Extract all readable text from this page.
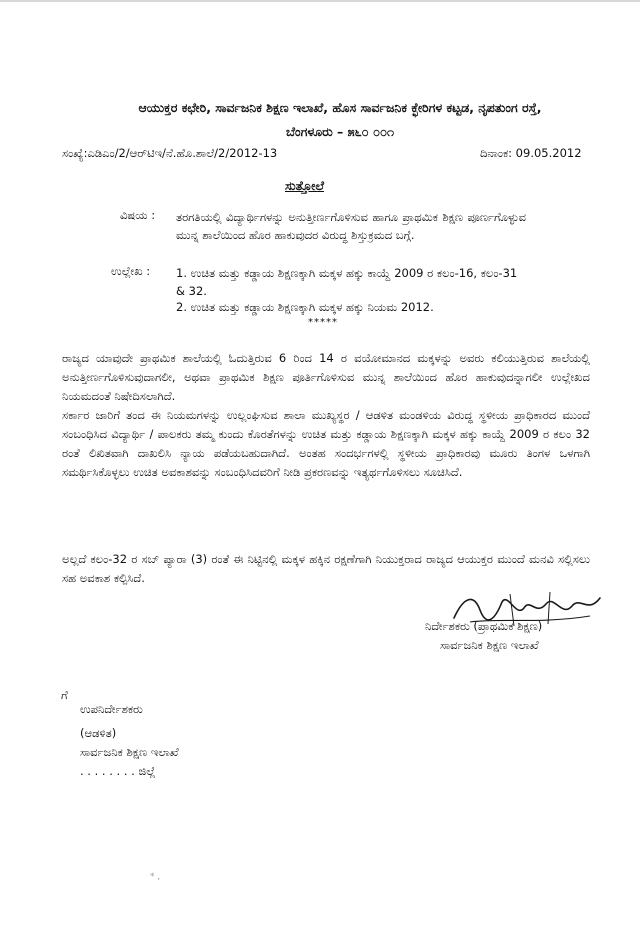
ಆಯುಕ್ತರ ಕಛೇರಿ, ಸಾರ್ವಜನಿಕ ಶಿಕ್ಷಣ ಇಲಾಖೆ, ಹೊಸ ಸಾರ್ವಜನಿಕ ಕ್ಛೇರಿಗಳ ಕಟ್ಟಡ, ನೃಪತುಂಗ ರಸ್ತೆ,
ಬೆಂಗಳೂರು – ೫೬೦ ೦೦೧
ಸಂಖ್ಯೆ:ಎಡಿಎಂ/2/ಆರ್‌ಟಿಇ/ನೆ.ಹೊ.ಶಾಲೆ/2/2012-13	ದಿನಾಂಕ: 09.05.2012
ಸುತ್ತೋಲೆ
ವಿಷಯ : ತರಗತಿಯಲ್ಲಿ ವಿದ್ಯಾರ್ಥಿಗಳನ್ನು ಅನುತ್ತೀರ್ಣಗೊಳಿಸುವ ಹಾಗೂ ಪ್ರಾಥಮಿಕ ಶಿಕ್ಷಣ ಪೂರ್ಣಗೊಳ್ಳುವ ಮುನ್ನ ಶಾಲೆಯಿಂದ ಹೊರ ಹಾಕುವುದರ ವಿರುದ್ಧ ಶಿಸ್ತುಕ್ರಮದ ಬಗ್ಗೆ.
ಉಲ್ಲೇಖ : 1. ಉಚಿತ ಮತ್ತು ಕಡ್ಡಾಯ ಶಿಕ್ಷಣಕ್ಕಾಗಿ ಮಕ್ಕಳ ಹಕ್ಕು ಕಾಯ್ದೆ 2009 ರ ಕಲಂ-16, ಕಲಂ-31 & 32.
2. ಉಚಿತ ಮತ್ತು ಕಡ್ಡಾಯ ಶಿಕ್ಷಣಕ್ಕಾಗಿ ಮಕ್ಕಳ ಹಕ್ಕು ನಿಯಮ 2012.
*****
ರಾಜ್ಯದ ಯಾವುದೇ ಪ್ರಾಥಮಿಕ ಶಾಲೆಯಲ್ಲಿ ಓದುತ್ತಿರುವ 6 ರಿಂದ 14 ರ ವಯೋಮಾನದ ಮಕ್ಕಳನ್ನು ಅವರು ಕಲಿಯುತ್ತಿರುವ ಶಾಲೆಯಲ್ಲಿ ಅನುತ್ತೀರ್ಣಗೊಳಿಸುವುದಾಗಲೀ, ಅಥವಾ ಪ್ರಾಥಮಿಕ ಶಿಕ್ಷಣ ಪೂರ್ತಿಗೊಳಿಸುವ ಮುನ್ನ ಶಾಲೆಯಿಂದ ಹೊರ ಹಾಕುವುದನ್ನಾಗಲೀ ಉಲ್ಲೇಖದ ನಿಯಮದಂತೆ ನಿಷೇದಿಸಲಾಗಿದೆ.
ಸರ್ಕಾರ ಜಾರಿಗೆ ತಂದ ಈ ನಿಯಮಗಳನ್ನು ಉಲ್ಲಂಘಿಸುವ ಶಾಲಾ ಮುಖ್ಯಸ್ಥರ / ಆಡಳಿತ ಮಂಡಳಿಯ ವಿರುದ್ಧ ಸ್ಥಳೀಯ ಪ್ರಾಧಿಕಾರದ ಮುಂದೆ ಸಂಬಂಧಿಸಿದ ವಿದ್ಯಾರ್ಥಿ / ಪಾಲಕರು ತಮ್ಮ ಕುಂದು ಕೊರತೆಗಳನ್ನು ಉಚಿತ ಮತ್ತು ಕಡ್ಡಾಯ ಶಿಕ್ಷಣಕ್ಕಾಗಿ ಮಕ್ಕಳ ಹಕ್ಕು ಕಾಯ್ದೆ 2009 ರ ಕಲಂ 32 ರಂತೆ ಲಿಖಿತವಾಗಿ ದಾಖಲಿಸಿ ನ್ಯಾಯ ಪಡೆಯಬಹುದಾಗಿದೆ. ಅಂತಹ ಸಂದರ್ಭಗಳಲ್ಲಿ ಸ್ಥಳೀಯ ಪ್ರಾಧಿಕಾರವು ಮೂರು ತಿಂಗಳ ಒಳಗಾಗಿ ಸಮರ್ಥಿಸಿಕೊಳ್ಳಲು ಉಚಿತ ಅವಕಾಶವನ್ನು ಸಂಬಂಧಿಸಿದವರಿಗೆ ನೀಡಿ ಪ್ರಕರಣವನ್ನು ಇತ್ಯರ್ಥಗೊಳಿಸಲು ಸೂಚಿಸಿದೆ.
ಅಲ್ಲದೆ ಕಲಂ-32 ರ ಸಬ್ ಪ್ಯಾರಾ (3) ರಂತೆ ಈ ನಿಟ್ಟಿನಲ್ಲಿ ಮಕ್ಕಳ ಹಕ್ಕಿನ ರಕ್ಷಣೆಗಾಗಿ ನಿಯುಕ್ತರಾದ ರಾಜ್ಯದ ಆಯುಕ್ತರ ಮುಂದೆ ಮನವಿ ಸಲ್ಲಿಸಲು ಸಹ ಅವಕಾಶ ಕಲ್ಪಿಸಿದೆ.
ನಿರ್ದೇಶಕರು (ಪ್ರಾಥಮಿಕ ಶಿಕ್ಷಣ)
ಸಾರ್ವಜನಿಕ ಶಿಕ್ಷಣ ಇಲಾಖೆ
ಗೆ
ಉಪನಿರ್ದೇಶಕರು
(ಆಡಳಿತ)
ಸಾರ್ವಜನಿಕ ಶಿಕ್ಷಣ ಇಲಾಖೆ
. . . . . . . . ಜಿಲ್ಲೆ
* ,
